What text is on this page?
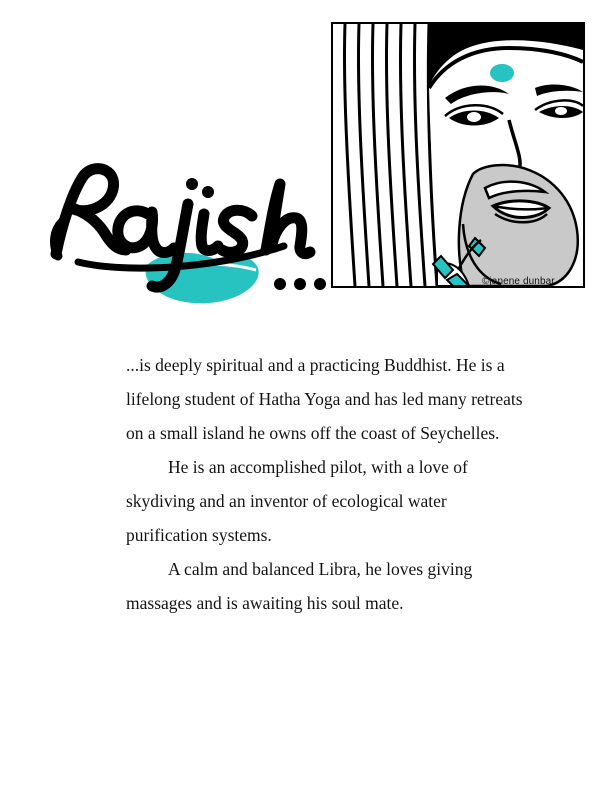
©janene dunbar

...is deeply spiritual and a practicing Buddhist. He is a lifelong student of Hatha Yoga and has led many retreats on a small island he owns off the coast of Seychelles.

He is an accomplished pilot, with a love of skydiving and an inventor of ecological water purification systems.

A calm and balanced Libra, he loves giving massages and is awaiting his soul mate.
